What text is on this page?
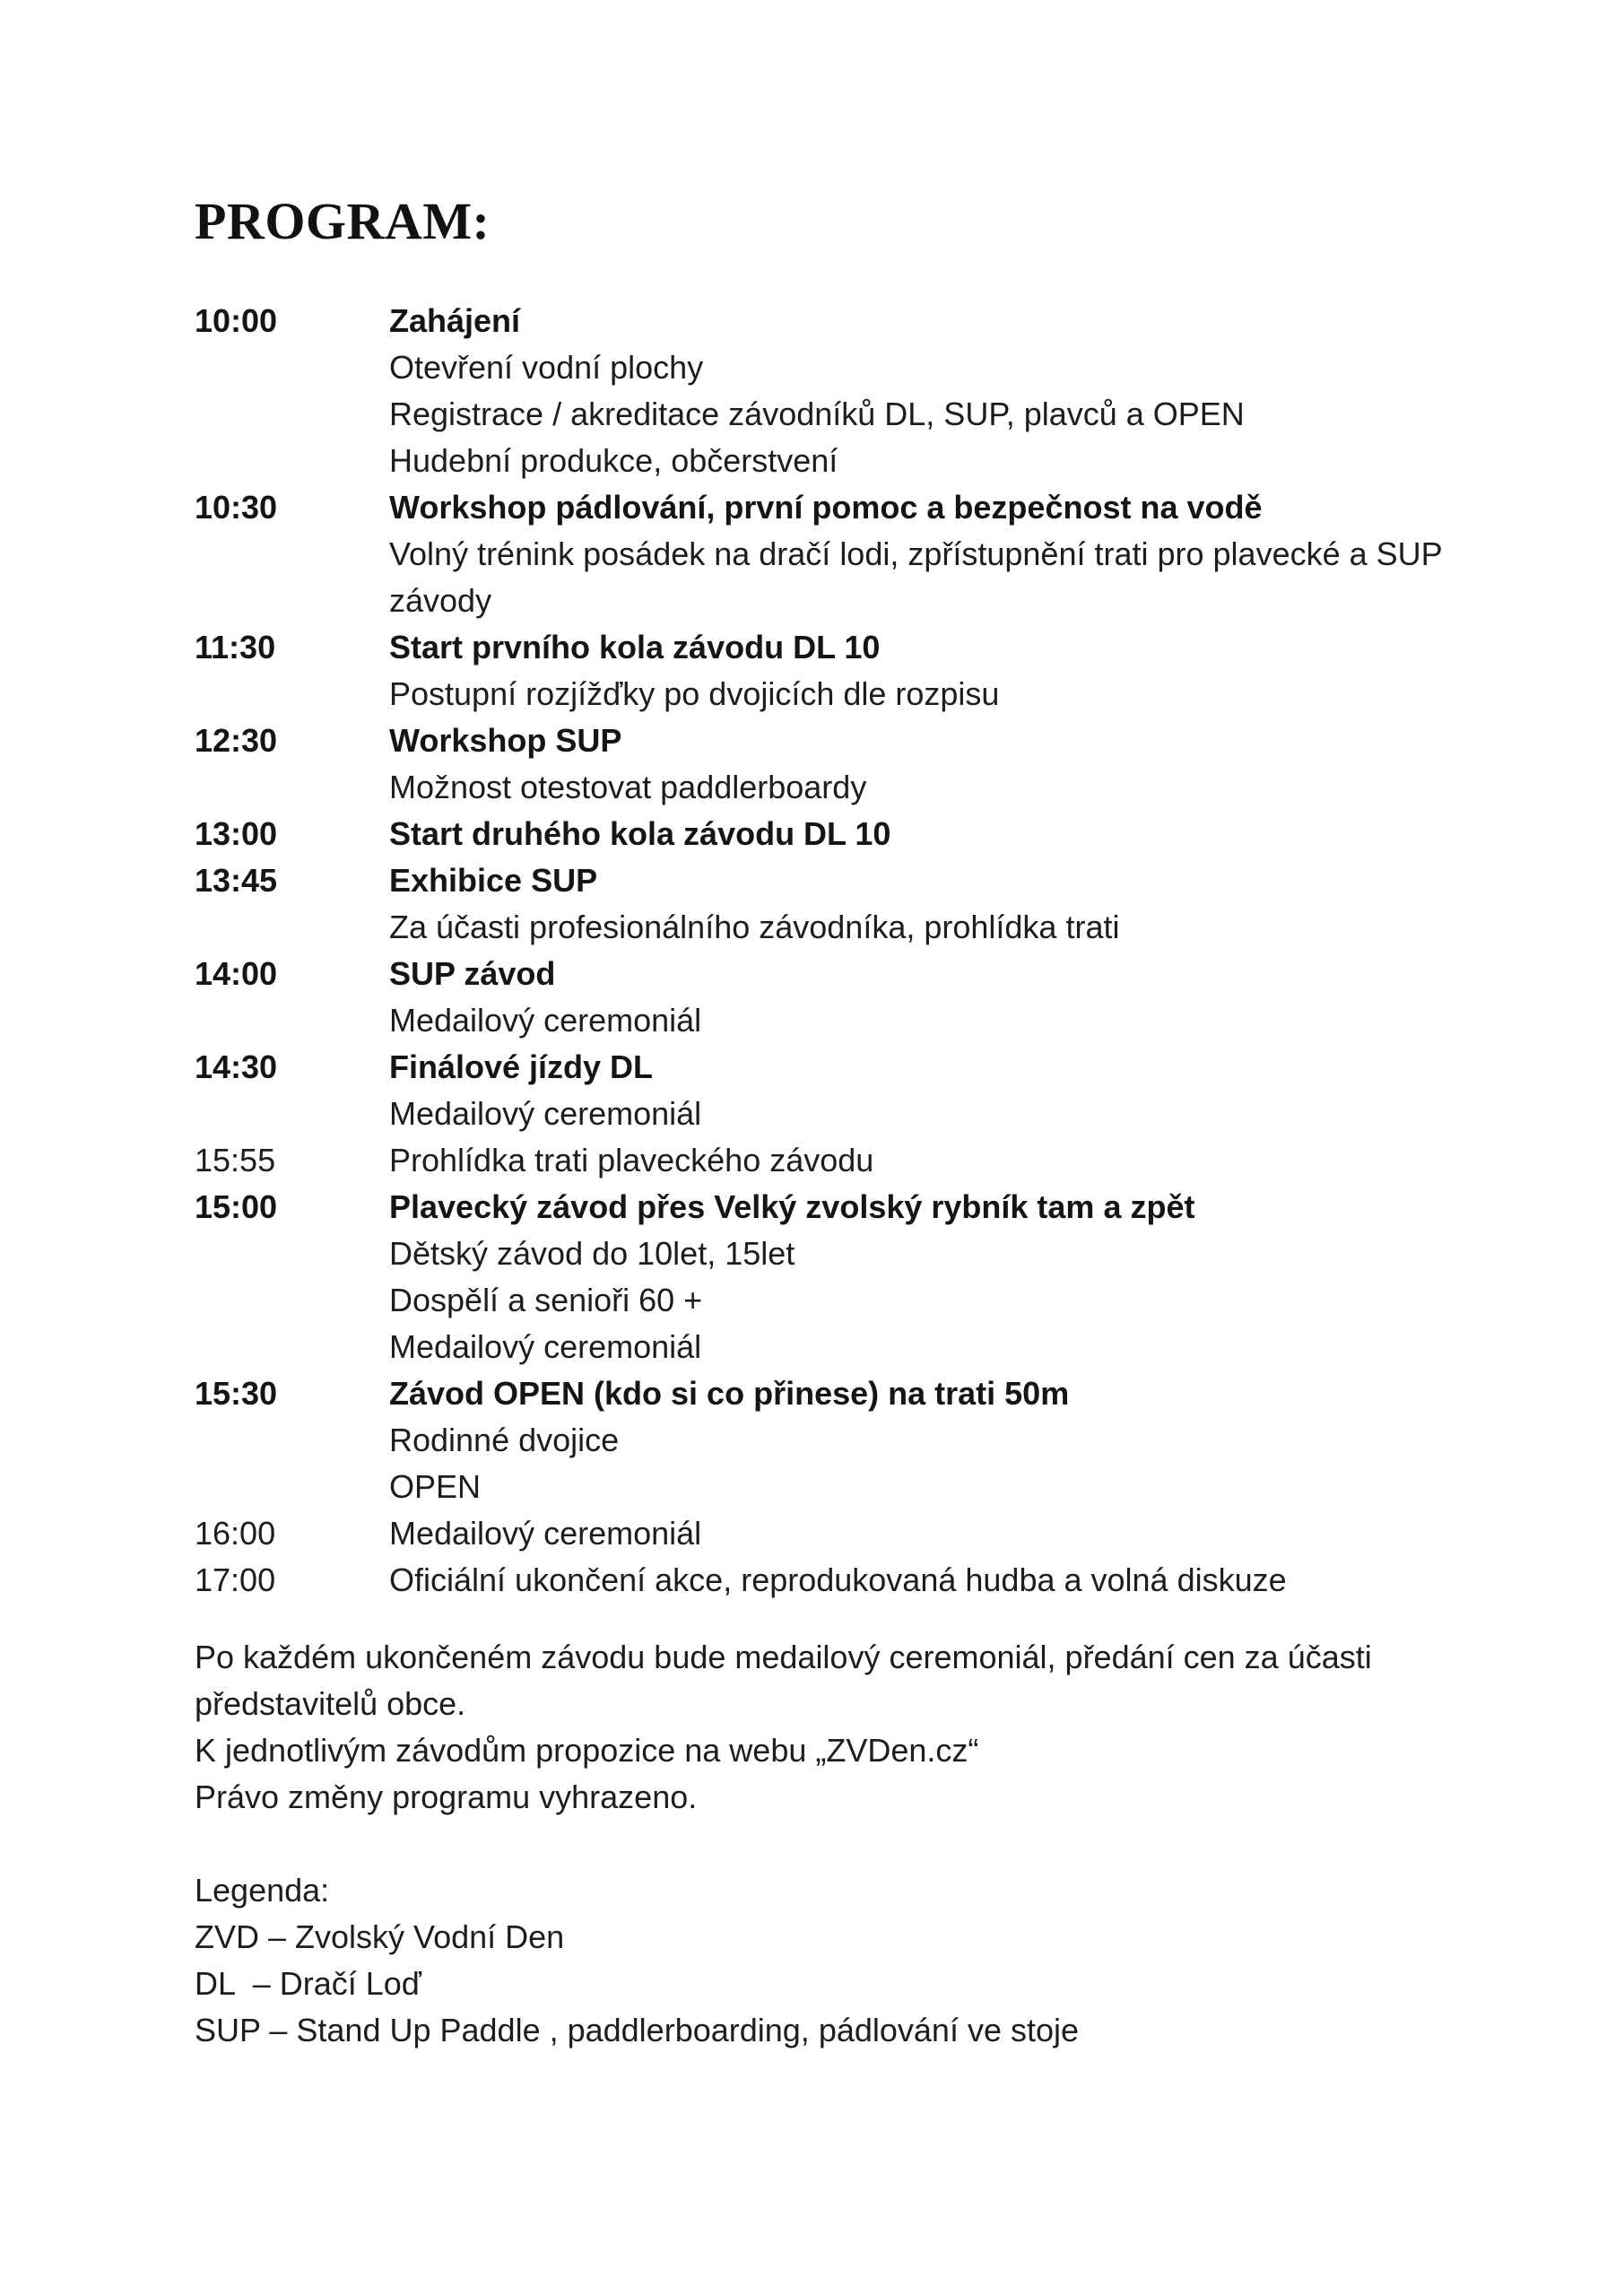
PROGRAM:
10:00	Zahájení
Otevření vodní plochy
Registrace / akreditace závodníků DL, SUP, plavců a OPEN
Hudební produkce, občerstvení
10:30	Workshop pádlování, první pomoc a bezpečnost na vodě
Volný trénink posádek na dračí lodi, zpřístupnění trati pro plavecké a SUP
závody
11:30	Start prvního kola závodu DL 10
Postupní rozjížďky po dvojicích dle rozpisu
12:30	Workshop SUP
Možnost otestovat paddlerboardy
13:00	Start druhého kola závodu DL 10
13:45	Exhibice SUP
Za účasti profesionálního závodníka, prohlídka trati
14:00	SUP závod
Medailový ceremoniál
14:30	Finálové jízdy DL
Medailový ceremoniál
15:55	Prohlídka trati plaveckého závodu
15:00	Plavecký závod přes Velký zvolský rybník tam a zpět
Dětský závod do 10let, 15let
Dospělí a senioři 60 +
Medailový ceremoniál
15:30	Závod OPEN (kdo si co přinese) na trati 50m
Rodinné dvojice
OPEN
16:00	Medailový ceremoniál
17:00	Oficiální ukončení akce, reprodukovaná hudba a volná diskuze
Po každém ukončeném závodu bude medailový ceremoniál, předání cen za účasti
představitelů obce.
K jednotlivým závodům propozice na webu „ZVDen.cz“
Právo změny programu vyhrazeno.
Legenda:
ZVD – Zvolský Vodní Den
DL  – Dračí Loď
SUP – Stand Up Paddle , paddlerboarding, pádlování ve stoje
